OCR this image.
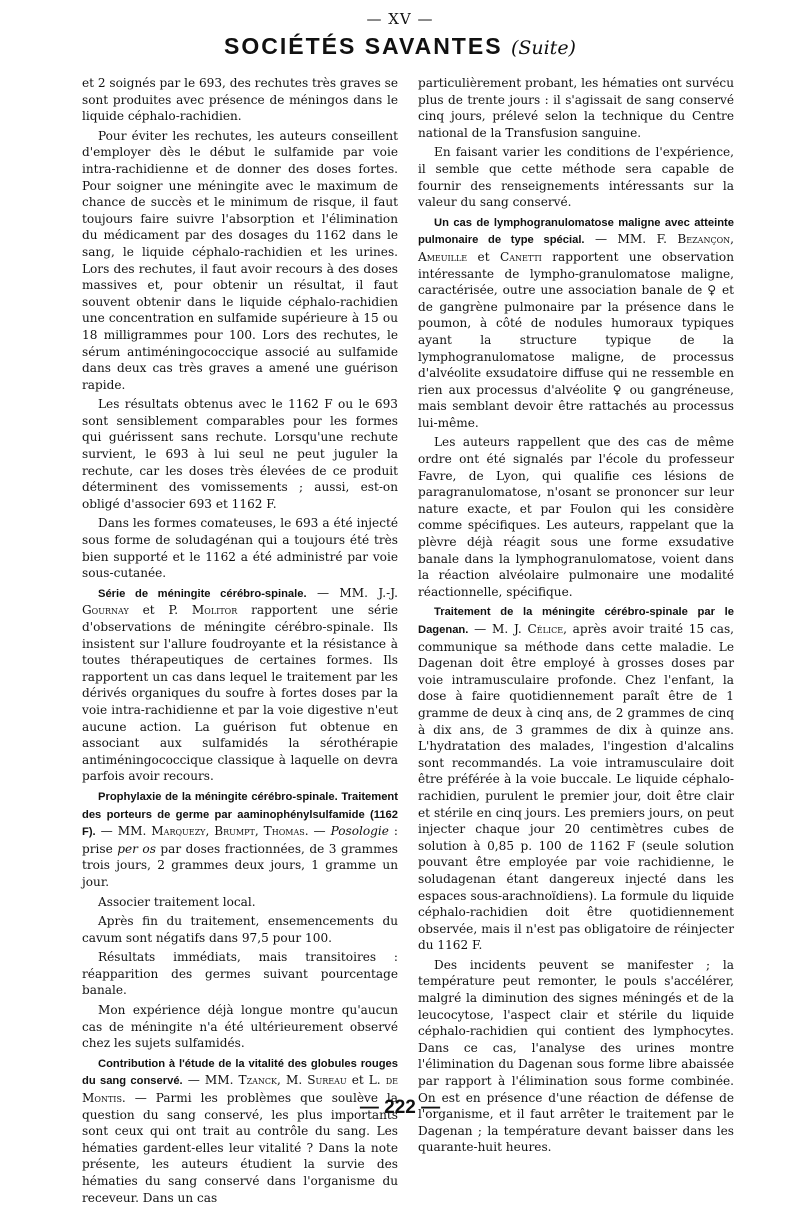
— XV —
SOCIÉTÉS SAVANTES (Suite)

et 2 soignés par le 693, des rechutes très graves se sont produites avec présence de méningos dans le liquide céphalo-rachidien.

Pour éviter les rechutes, les auteurs conseillent d'employer dès le début le sulfamide par voie intra-rachidienne et de donner des doses fortes. Pour soigner une méningite avec le maximum de chance de succès et le minimum de risque, il faut toujours faire suivre l'absorption et l'élimination du médicament par des dosages du 1162 dans le sang, le liquide céphalo-rachidien et les urines. Lors des rechutes, il faut avoir recours à des doses massives et, pour obtenir un résultat, il faut souvent obtenir dans le liquide céphalo-rachidien une concentration en sulfamide supérieure à 15 ou 18 milligrammes pour 100. Lors des rechutes, le sérum antiméningococcique associé au sulfamide dans deux cas très graves a amené une guérison rapide.

Les résultats obtenus avec le 1162 F ou le 693 sont sensiblement comparables pour les formes qui guérissent sans rechute. Lorsqu'une rechute survient, le 693 à lui seul ne peut juguler la rechute, car les doses très élevées de ce produit déterminent des vomissements ; aussi, est-on obligé d'associer 693 et 1162 F.

Dans les formes comateuses, le 693 a été injecté sous forme de soludagénan qui a toujours été très bien supporté et le 1162 a été administré par voie sous-cutanée.

Série de méningite cérébro-spinale. — MM. J.-J. Gournay et P. Molitor rapportent une série d'observations de méningite cérébro-spinale. Ils insistent sur l'allure foudroyante et la résistance à toutes thérapeutiques de certaines formes. Ils rapportent un cas dans lequel le traitement par les dérivés organiques du soufre à fortes doses par la voie intra-rachidienne et par la voie digestive n'eut aucune action. La guérison fut obtenue en associant aux sulfamidés la sérothérapie antiméningococcique classique à laquelle on devra parfois avoir recours.

Prophylaxie de la méningite cérébro-spinale. Traitement des porteurs de germe par aaminophénylsulfamide (1162 F). — MM. Marquezy, Brumpt, Thomas. — Posologie : prise per os par doses fractionnées, de 3 grammes trois jours, 2 grammes deux jours, 1 gramme un jour.

Associer traitement local.

Après fin du traitement, ensemencements du cavum sont négatifs dans 97,5 pour 100.

Résultats immédiats, mais transitoires : réapparition des germes suivant pourcentage banale.

Mon expérience déjà longue montre qu'aucun cas de méningite n'a été ultérieurement observé chez les sujets sulfamidés.

Contribution à l'étude de la vitalité des globules rouges du sang conservé. — MM. Tzanck, M. Sureau et L. de Montis. — Parmi les problèmes que soulève la question du sang conservé, les plus importants sont ceux qui ont trait au contrôle du sang. Les hématies gardent-elles leur vitalité ? Dans la note présente, les auteurs étudient la survie des hématies du sang conservé dans l'organisme du receveur. Dans un cas

particulièrement probant, les hématies ont survécu plus de trente jours : il s'agissait de sang conservé cinq jours, prélevé selon la technique du Centre national de la Transfusion sanguine.

En faisant varier les conditions de l'expérience, il semble que cette méthode sera capable de fournir des renseignements intéressants sur la valeur du sang conservé.

Un cas de lymphogranulomatose maligne avec atteinte pulmonaire de type spécial. — MM. F. Bezançon, Ameuille et Canetti rapportent une observation intéressante de lympho-granulomatose maligne, caractérisée, outre une association banale de ♀ et de gangrène pulmonaire par la présence dans le poumon, à côté de nodules humoraux typiques ayant la structure typique de la lymphogranulomatose maligne, de processus d'alvéolite exsudatoire diffuse qui ne ressemble en rien aux processus d'alvéolite ♀ ou gangréneuse, mais semblant devoir être rattachés au processus lui-même.

Les auteurs rappellent que des cas de même ordre ont été signalés par l'école du professeur Favre, de Lyon, qui qualifie ces lésions de paragranulomatose, n'osant se prononcer sur leur nature exacte, et par Foulon qui les considère comme spécifiques. Les auteurs, rappelant que la plèvre déjà réagit sous une forme exsudative banale dans la lymphogranulomatose, voient dans la réaction alvéolaire pulmonaire une modalité réactionnelle, spécifique.

Traitement de la méningite cérébro-spinale par le Dagenan. — M. J. Célice, après avoir traité 15 cas, communique sa méthode dans cette maladie. Le Dagenan doit être employé à grosses doses par voie intramusculaire profonde. Chez l'enfant, la dose à faire quotidiennement paraît être de 1 gramme de deux à cinq ans, de 2 grammes de cinq à dix ans, de 3 grammes de dix à quinze ans. L'hydratation des malades, l'ingestion d'alcalins sont recommandés. La voie intramusculaire doit être préférée à la voie buccale. Le liquide céphalo-rachidien, purulent le premier jour, doit être clair et stérile en cinq jours. Les premiers jours, on peut injecter chaque jour 20 centimètres cubes de solution à 0,85 p. 100 de 1162 F (seule solution pouvant être employée par voie rachidienne, le soludagenan étant dangereux injecté dans les espaces sous-arachnoïdiens). La formule du liquide céphalo-rachidien doit être quotidiennement observée, mais il n'est pas obligatoire de réinjecter du 1162 F.

Des incidents peuvent se manifester ; la température peut remonter, le pouls s'accélérer, malgré la diminution des signes méningés et de la leucocytose, l'aspect clair et stérile du liquide céphalo-rachidien qui contient des lymphocytes. Dans ce cas, l'analyse des urines montre l'élimination du Dagenan sous forme libre abaissée par rapport à l'élimination sous forme combinée. On est en présence d'une réaction de défense de l'organisme, et il faut arrêter le traitement par le Dagenan ; la température devant baisser dans les quarante-huit heures.

— 222 —
